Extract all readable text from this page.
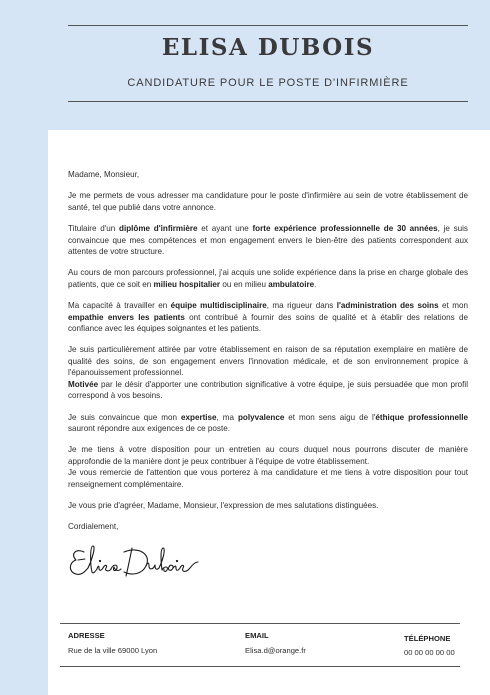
ELISA DUBOIS
CANDIDATURE POUR LE POSTE D'INFIRMIÈRE

Madame, Monsieur,

Je me permets de vous adresser ma candidature pour le poste d'infirmière au sein de votre établissement de santé, tel que publié dans votre annonce.

Titulaire d'un diplôme d'infirmière et ayant une forte expérience professionnelle de 30 années, je suis convaincue que mes compétences et mon engagement envers le bien-être des patients correspondent aux attentes de votre structure.

Au cours de mon parcours professionnel, j'ai acquis une solide expérience dans la prise en charge globale des patients, que ce soit en milieu hospitalier ou en milieu ambulatoire.

Ma capacité à travailler en équipe multidisciplinaire, ma rigueur dans l'administration des soins et mon empathie envers les patients ont contribué à fournir des soins de qualité et à établir des relations de confiance avec les équipes soignantes et les patients.

Je suis particulièrement attirée par votre établissement en raison de sa réputation exemplaire en matière de qualité des soins, de son engagement envers l'innovation médicale, et de son environnement propice à l'épanouissement professionnel.

Motivée par le désir d'apporter une contribution significative à votre équipe, je suis persuadée que mon profil correspond à vos besoins.

Je suis convaincue que mon expertise, ma polyvalence et mon sens aigu de l'éthique professionnelle sauront répondre aux exigences de ce poste.

Je me tiens à votre disposition pour un entretien au cours duquel nous pourrons discuter de manière approfondie de la manière dont je peux contribuer à l'équipe de votre établissement.

Je vous remercie de l'attention que vous porterez à ma candidature et me tiens à votre disposition pour tout renseignement complémentaire.

Je vous prie d'agréer, Madame, Monsieur, l'expression de mes salutations distinguées.

Cordialement,

ADRESSE
Rue de la ville 69000 Lyon
EMAIL
Elisa.d@orange.fr
TÉLÉPHONE
00 00 00 00 00
